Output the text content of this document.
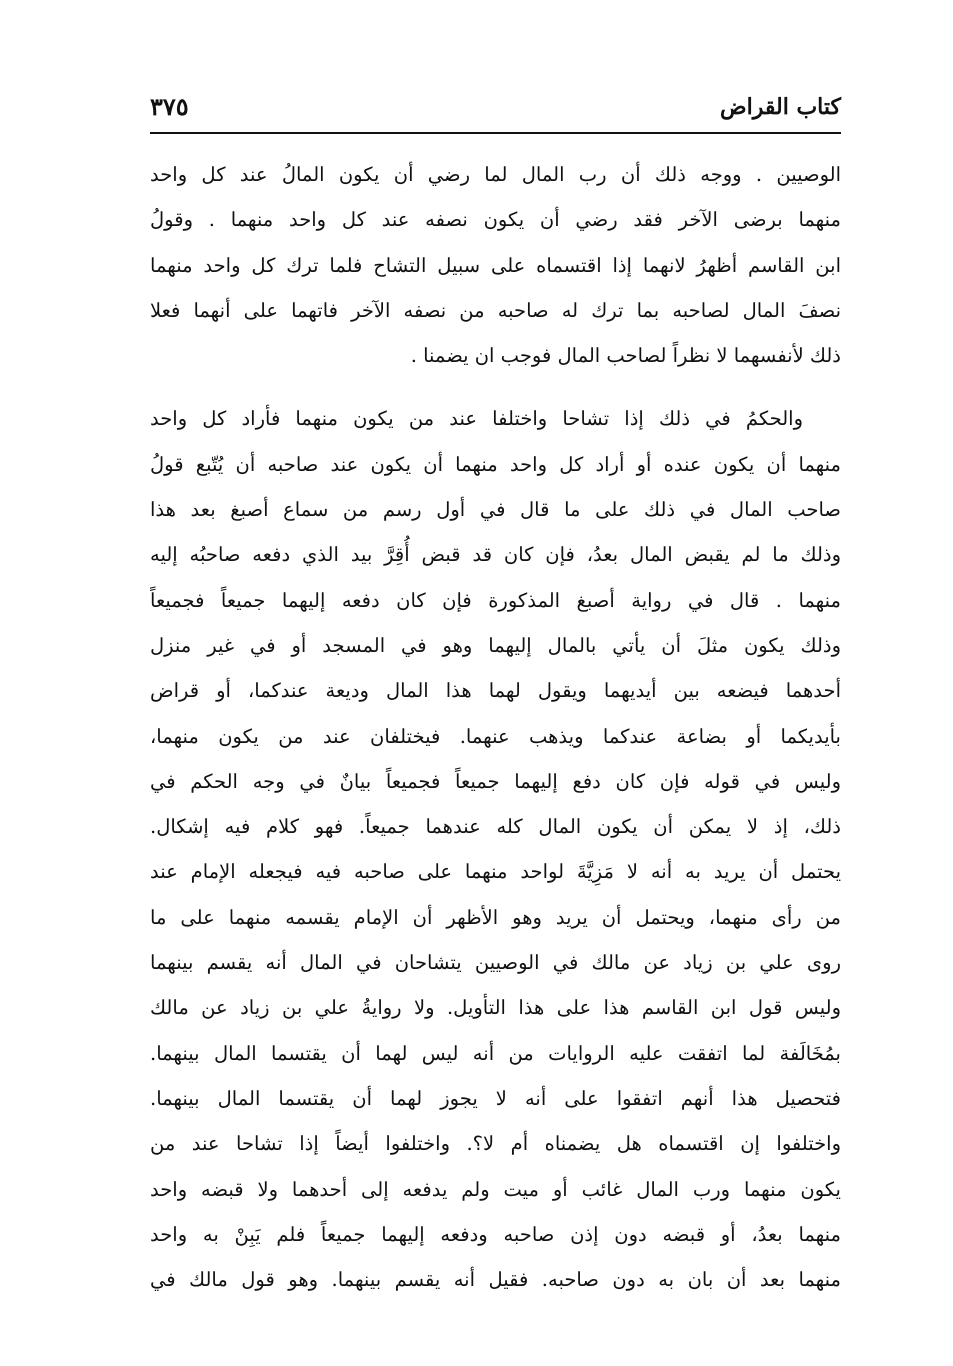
كتاب القراض
٣٧٥
الوصيين . ووجه ذلك أن رب المال لما رضي أن يكون المالُ عند كل واحد
منهما برضى الآخر فقد رضي أن يكون نصفه عند كل واحد منهما . وقولُ
ابن القاسم أظهرُ لانهما إذا اقتسماه على سبيل التشاح فلما ترك كل واحد منهما
نصفَ المال لصاحبه بما ترك له صاحبه من نصفه الآخر فاتهما على أنهما فعلا
ذلك لأنفسهما لا نظراً لصاحب المال فوجب ان يضمنا .
والحكمُ في ذلك إذا تشاحا واختلفا عند من يكون منهما فأراد كل واحد
منهما أن يكون عنده أو أراد كل واحد منهما أن يكون عند صاحبه أن يُتّبع قولُ
صاحب المال في ذلك على ما قال في أول رسم من سماع أصبغ بعد هذا
وذلك ما لم يقبض المال بعدُ، فإن كان قد قبض أُقِرَّ بيد الذي دفعه صاحبُه إليه
منهما . قال في رواية أصبغ المذكورة فإن كان دفعه إليهما جميعاً فجميعاً
وذلك يكون مثلَ أن يأتي بالمال إليهما وهو في المسجد أو في غير منزل
أحدهما فيضعه بين أيديهما ويقول لهما هذا المال وديعة عندكما، أو قراض
بأيديكما أو بضاعة عندكما ويذهب عنهما. فيختلفان عند من يكون منهما،
وليس في قوله فإن كان دفع إليهما جميعاً فجميعاً بيانٌ في وجه الحكم في
ذلك، إذ لا يمكن أن يكون المال كله عندهما جميعاً. فهو كلام فيه إشكال.
يحتمل أن يريد به أنه لا مَزِيَّةَ لواحد منهما على صاحبه فيه فيجعله الإمام عند
من رأى منهما، ويحتمل أن يريد وهو الأظهر أن الإمام يقسمه منهما على ما
روى علي بن زياد عن مالك في الوصيين يتشاحان في المال أنه يقسم بينهما
وليس قول ابن القاسم هذا على هذا التأويل. ولا روايةُ علي بن زياد عن مالك
بمُخَالَفة لما اتفقت عليه الروايات من أنه ليس لهما أن يقتسما المال بينهما.
فتحصيل هذا أنهم اتفقوا على أنه لا يجوز لهما أن يقتسما المال بينهما.
واختلفوا إن اقتسماه هل يضمناه أم لا؟. واختلفوا أيضاً إذا تشاحا عند من
يكون منهما ورب المال غائب أو ميت ولم يدفعه إلى أحدهما ولا قبضه واحد
منهما بعدُ، أو قبضه دون إذن صاحبه ودفعه إليهما جميعاً فلم يَبِنْ به واحد
منهما بعد أن بان به دون صاحبه. فقيل أنه يقسم بينهما. وهو قول مالك في
